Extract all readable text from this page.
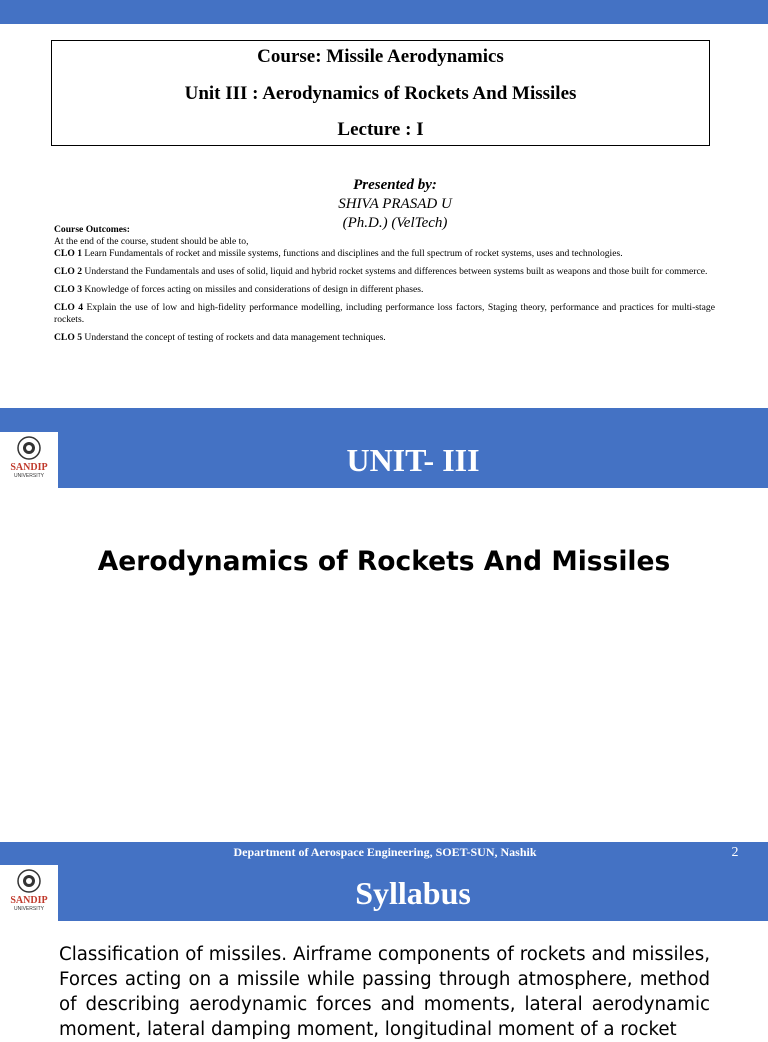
Course: Missile Aerodynamics
Unit III : Aerodynamics of Rockets And Missiles
Lecture : I
Presented by:
SHIVA PRASAD U
(Ph.D.) (VelTech)
Course Outcomes:
At the end of the course, student should be able to,
CLO 1 Learn Fundamentals of rocket and missile systems, functions and disciplines and the full spectrum of rocket systems, uses and technologies.
CLO 2 Understand the Fundamentals and uses of solid, liquid and hybrid rocket systems and differences between systems built as weapons and those built for commerce.
CLO 3 Knowledge of forces acting on missiles and considerations of design in different phases.
CLO 4 Explain the use of low and high-fidelity performance modelling, including performance loss factors, Staging theory, performance and practices for multi-stage rockets.
CLO 5 Understand the concept of testing of rockets and data management techniques.
SANDIP
UNIVERSITY	UNIT- III
Aerodynamics of Rockets And Missiles
Department of Aerospace Engineering, SOET-SUN, Nashik	2
SANDIP
UNIVERSITY	Syllabus
Classification of missiles. Airframe components of rockets and missiles, Forces acting on a missile while passing through atmosphere, method of describing aerodynamic forces and moments, lateral aerodynamic moment, lateral damping moment, longitudinal moment of a rocket
